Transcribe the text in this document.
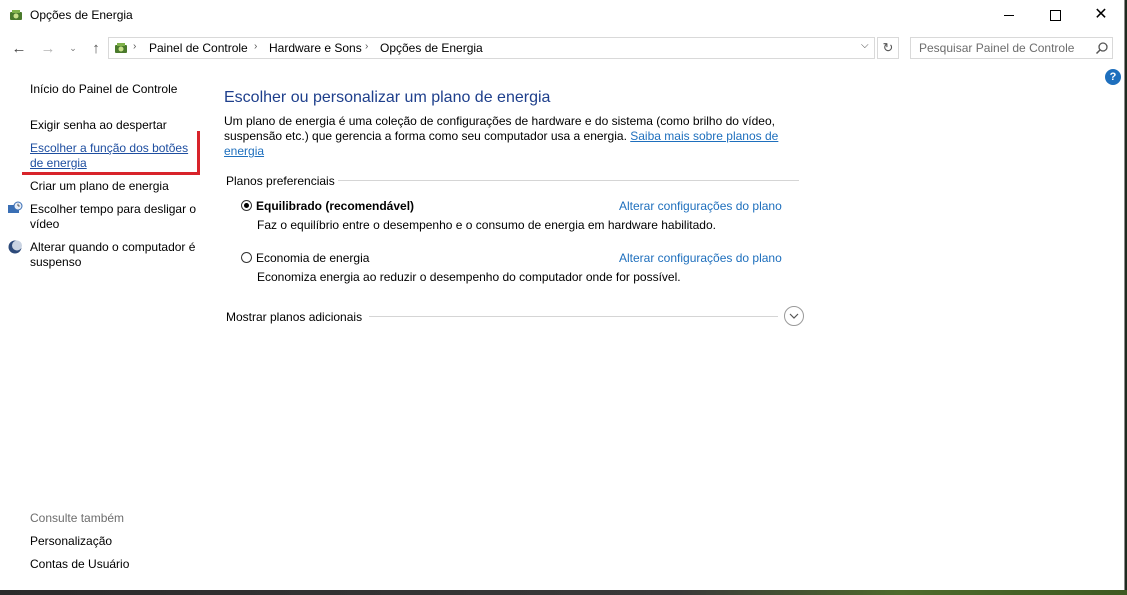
Opções de Energia	✕
← → ⌄ ↑	› Painel de Controle › Hardware e Sons › Opções de Energia	⌵ ↻
Pesquisar Painel de Controle
?
Início do Painel de Controle
Exigir senha ao despertar
Escolher a função dos botões de energia
Criar um plano de energia
Escolher tempo para desligar o vídeo
Alterar quando o computador é suspenso
Consulte também
Personalização
Contas de Usuário
Escolher ou personalizar um plano de energia
Um plano de energia é uma coleção de configurações de hardware e do sistema (como brilho do vídeo, suspensão etc.) que gerencia a forma como seu computador usa a energia. Saiba mais sobre planos de energia
Planos preferenciais
Equilibrado (recomendável)	Alterar configurações do plano
Faz o equilíbrio entre o desempenho e o consumo de energia em hardware habilitado.
Economia de energia	Alterar configurações do plano
Economiza energia ao reduzir o desempenho do computador onde for possível.
Mostrar planos adicionais
